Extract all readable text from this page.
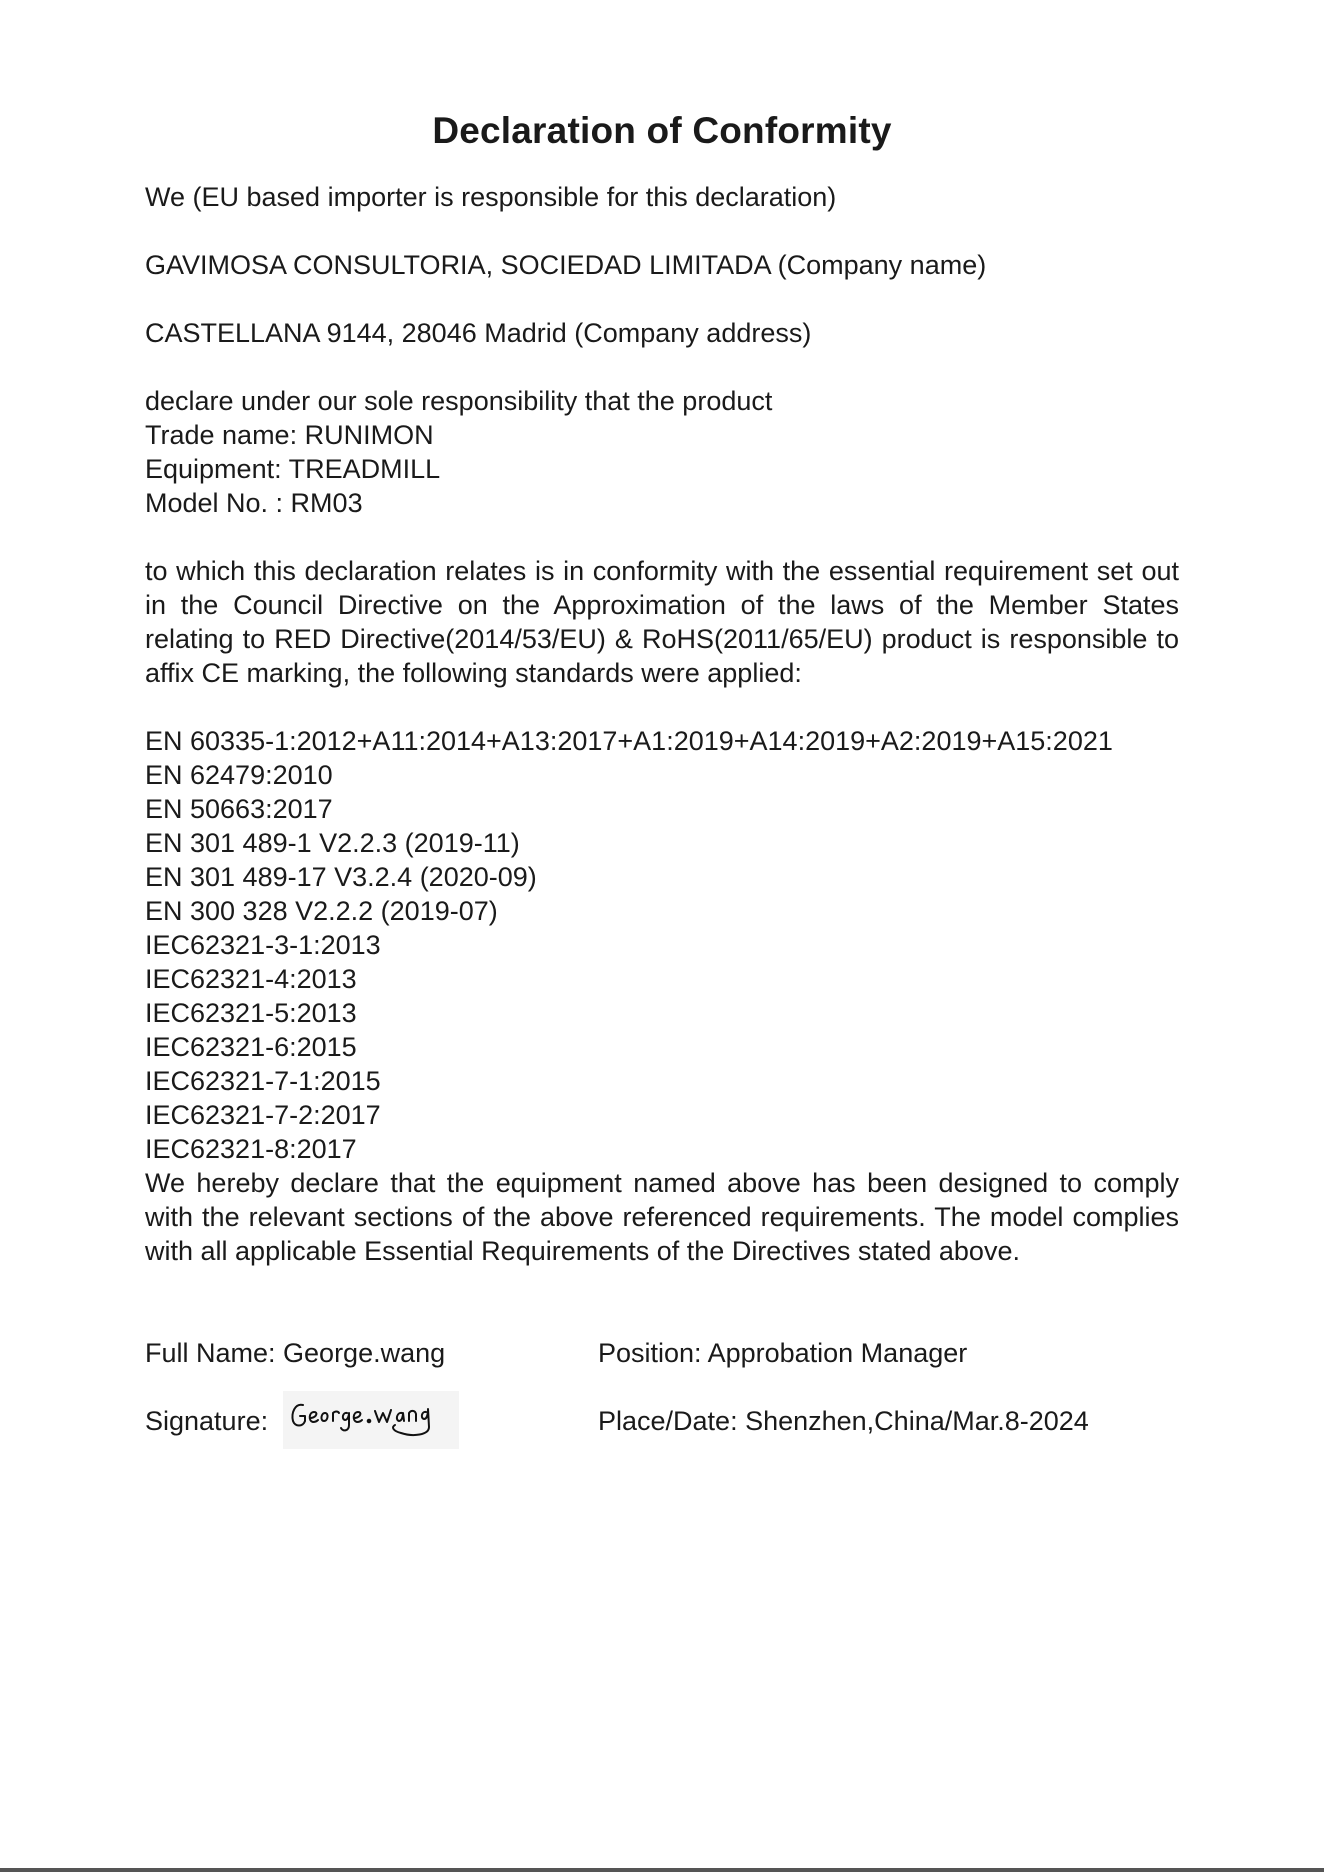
Declaration of Conformity

We (EU based importer is responsible for this declaration)

GAVIMOSA CONSULTORIA, SOCIEDAD LIMITADA (Company name)

CASTELLANA 9144, 28046 Madrid (Company address)

declare under our sole responsibility that the product
Trade name: RUNIMON
Equipment: TREADMILL
Model No. : RM03

to which this declaration relates is in conformity with the essential requirement set out in the Council Directive on the Approximation of the laws of the Member States relating to RED Directive(2014/53/EU) & RoHS(2011/65/EU) product is responsible to affix CE marking, the following standards were applied:

EN 60335-1:2012+A11:2014+A13:2017+A1:2019+A14:2019+A2:2019+A15:2021
EN 62479:2010
EN 50663:2017
EN 301 489-1 V2.2.3 (2019-11)
EN 301 489-17 V3.2.4 (2020-09)
EN 300 328 V2.2.2 (2019-07)
IEC62321-3-1:2013
IEC62321-4:2013
IEC62321-5:2013
IEC62321-6:2015
IEC62321-7-1:2015
IEC62321-7-2:2017
IEC62321-8:2017

We hereby declare that the equipment named above has been designed to comply with the relevant sections of the above referenced requirements. The model complies with all applicable Essential Requirements of the Directives stated above.

Full Name: George.wang	Position: Approbation Manager
Signature:	Place/Date: Shenzhen,China/Mar.8-2024
